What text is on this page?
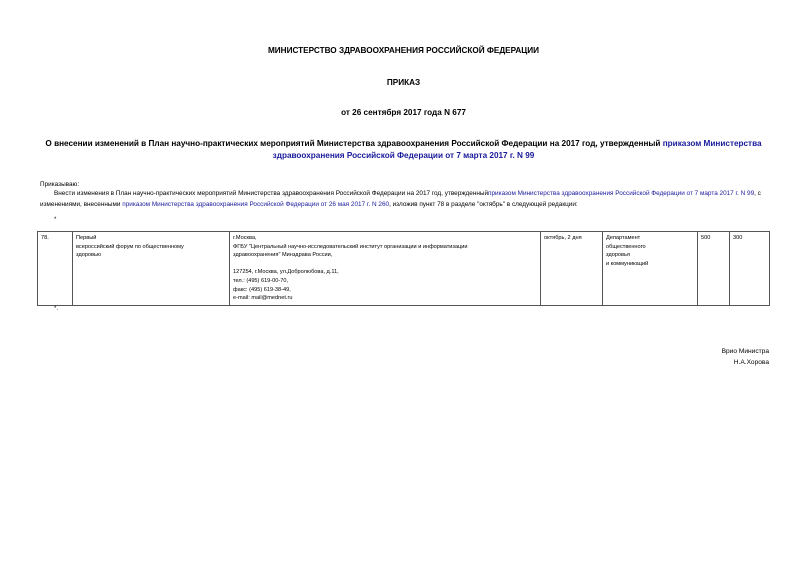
МИНИСТЕРСТВО ЗДРАВООХРАНЕНИЯ РОССИЙСКОЙ ФЕДЕРАЦИИ
ПРИКАЗ
от 26 сентября 2017 года N 677
О внесении изменений в План научно-практических мероприятий Министерства здравоохранения Российской Федерации на 2017 год, утвержденный приказом Министерства здравоохранения Российской Федерации от 7 марта 2017 г. N 99
Приказываю:
Внести изменения в План научно-практических мероприятий Министерства здравоохранения Российской Федерации на 2017 год, утвержденныйприказом Министерства здравоохранения Российской Федерации от 7 марта 2017 г. N 99, с изменениями, внесенными приказом Министерства здравоохранения Российской Федерации от 26 мая 2017 г. N 260, изложив пункт 78 в разделе "октябрь" в следующей редакции:
*
78.	Первый
всероссийский форум по общественному
здоровью	г.Москва,
ФГБУ "Центральный научно-исследовательский институт организации и информатизации
здравоохранения" Минздрава России,

127254, г.Москва, ул.Добролюбова, д.11,
тел.: (495) 619-00-70,
факс: (495) 619-38-49,
e-mail: mail@mednet.ru	октябрь, 2 дня	Департамент
общественного
здоровья
и коммуникаций	500	300
*.
Врио Министра
Н.А.Хорова
